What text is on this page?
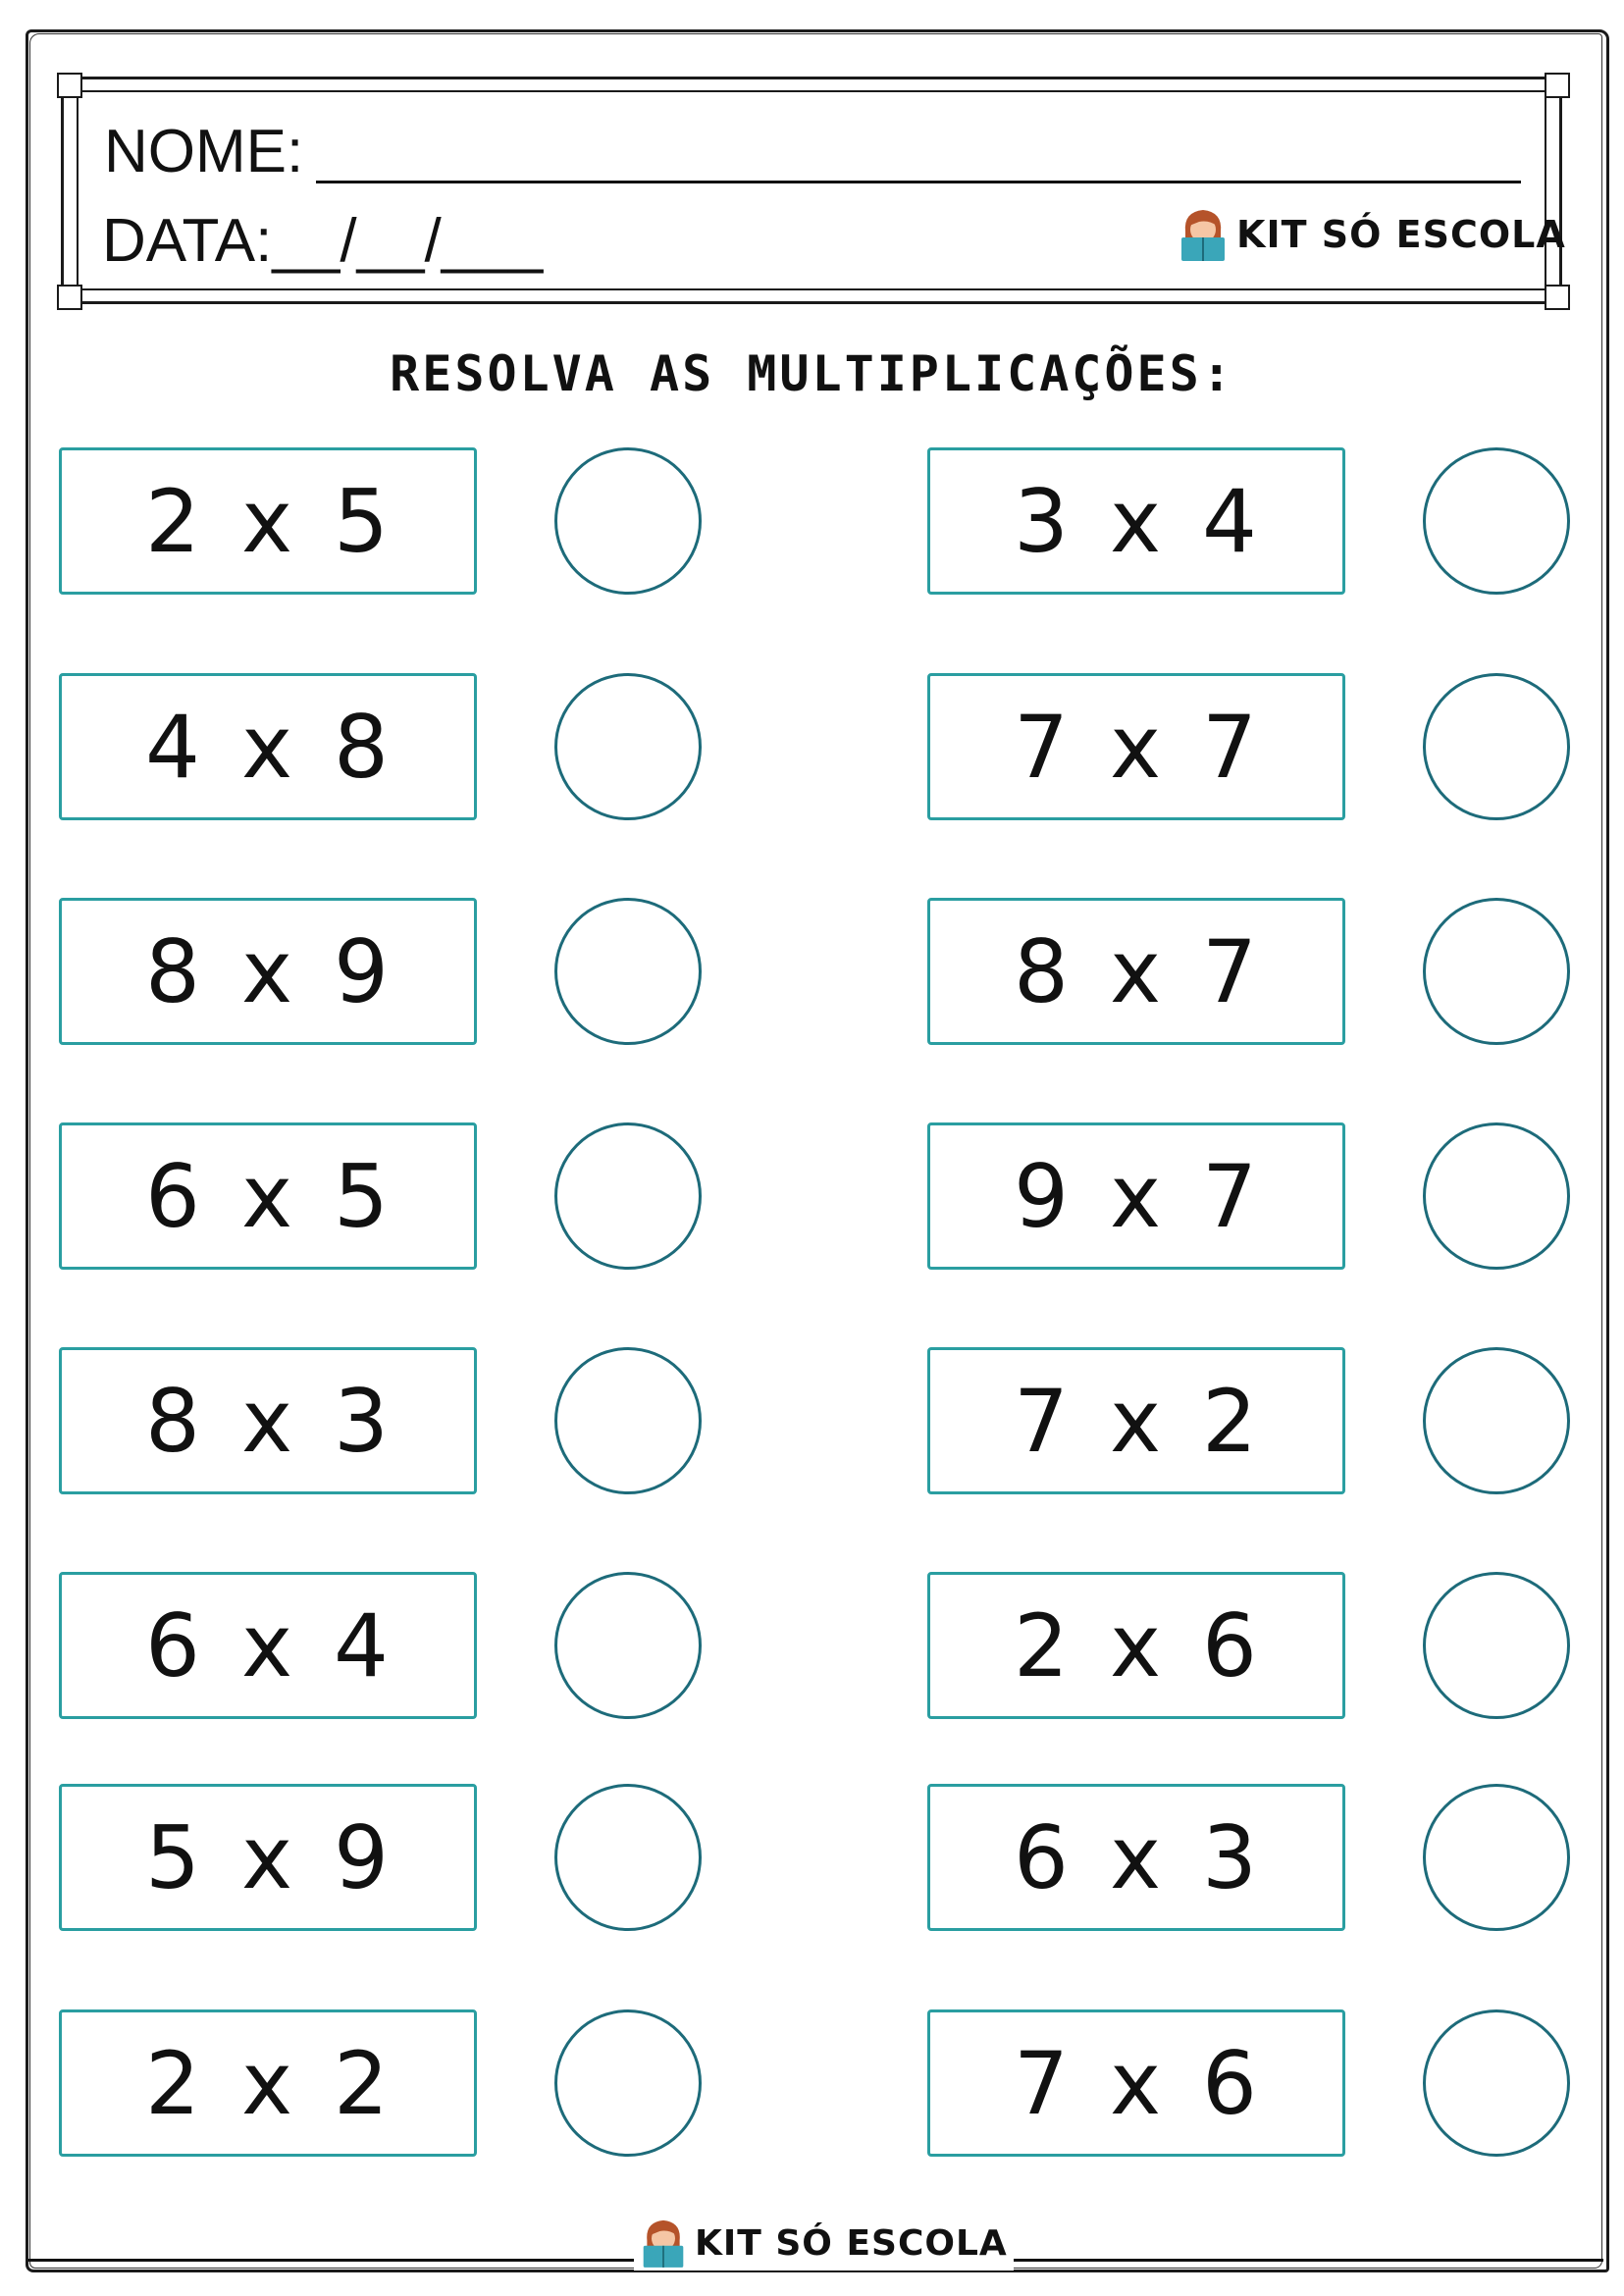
NOME:
DATA:__/__/___	KIT SÓ ESCOLA
RESOLVA AS MULTIPLICAÇÕES:
2 x 5
4 x 8
8 x 9
6 x 5
8 x 3
6 x 4
5 x 9
2 x 2
3 x 4
7 x 7
8 x 7
9 x 7
7 x 2
2 x 6
6 x 3
7 x 6
KIT SÓ ESCOLA
